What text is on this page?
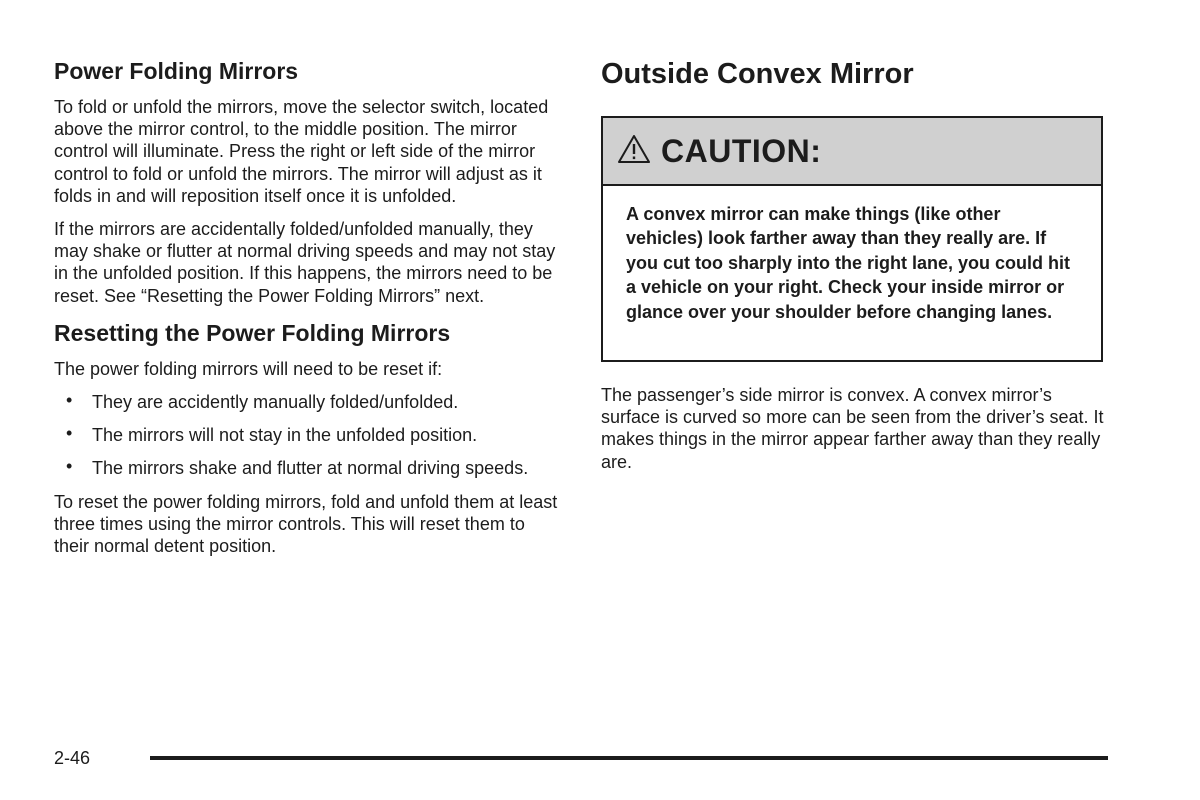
Power Folding Mirrors

To fold or unfold the mirrors, move the selector switch, located above the mirror control, to the middle position. The mirror control will illuminate. Press the right or left side of the mirror control to fold or unfold the mirrors. The mirror will adjust as it folds in and will reposition itself once it is unfolded.

If the mirrors are accidentally folded/unfolded manually, they may shake or flutter at normal driving speeds and may not stay in the unfolded position. If this happens, the mirrors need to be reset. See “Resetting the Power Folding Mirrors” next.

Resetting the Power Folding Mirrors

The power folding mirrors will need to be reset if:

• They are accidently manually folded/unfolded.
• The mirrors will not stay in the unfolded position.
• The mirrors shake and flutter at normal driving speeds.

To reset the power folding mirrors, fold and unfold them at least three times using the mirror controls. This will reset them to their normal detent position.

Outside Convex Mirror
CAUTION:
A convex mirror can make things (like other vehicles) look farther away than they really are. If you cut too sharply into the right lane, you could hit a vehicle on your right. Check your inside mirror or glance over your shoulder before changing lanes.

The passenger’s side mirror is convex. A convex mirror’s surface is curved so more can be seen from the driver’s seat. It makes things in the mirror appear farther away than they really are.

2-46
